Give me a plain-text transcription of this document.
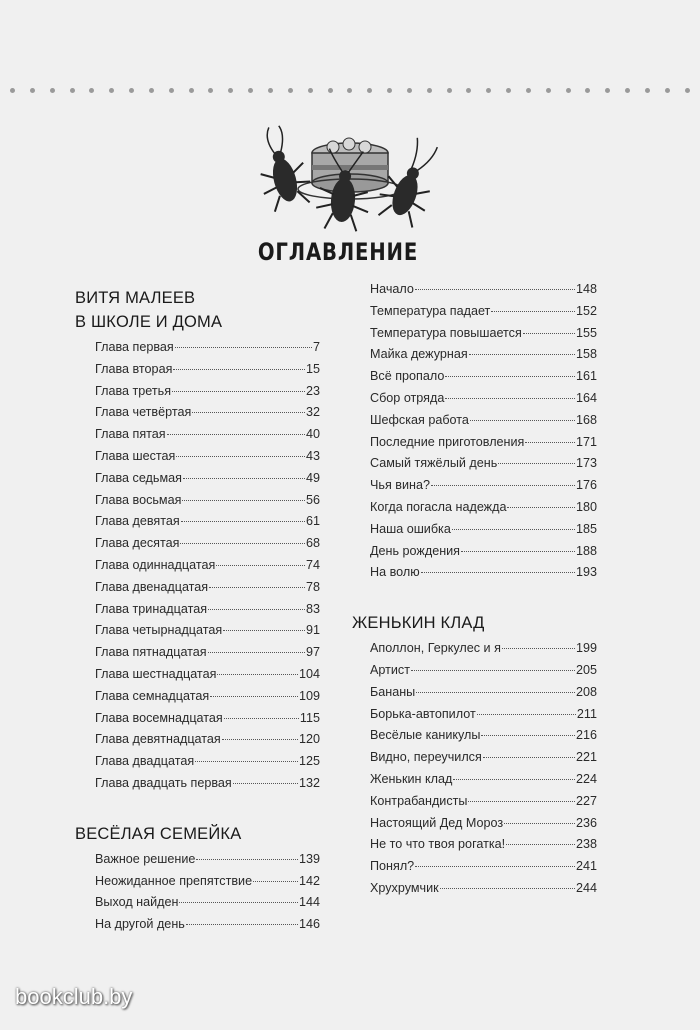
ОГЛАВЛЕНИЕ
ВИТЯ МАЛЕЕВ
В ШКОЛЕ И ДОМА
Глава первая	7
Глава вторая	15
Глава третья	23
Глава четвёртая	32
Глава пятая	40
Глава шестая	43
Глава седьмая	49
Глава восьмая	56
Глава девятая	61
Глава десятая	68
Глава одиннадцатая	74
Глава двенадцатая	78
Глава тринадцатая	83
Глава четырнадцатая	91
Глава пятнадцатая	97
Глава шестнадцатая	104
Глава семнадцатая	109
Глава восемнадцатая	115
Глава девятнадцатая	120
Глава двадцатая	125
Глава двадцать первая	132
ВЕСЁЛАЯ СЕМЕЙКА
Важное решение	139
Неожиданное препятствие	142
Выход найден	144
На другой день	146
Начало	148
Температура падает	152
Температура повышается	155
Майка дежурная	158
Всё пропало	161
Сбор отряда	164
Шефская работа	168
Последние приготовления	171
Самый тяжёлый день	173
Чья вина?	176
Когда погасла надежда	180
Наша ошибка	185
День рождения	188
На волю	193
ЖЕНЬКИН КЛАД
Аполлон, Геркулес и я	199
Артист	205
Бананы	208
Борька-автопилот	211
Весёлые каникулы	216
Видно, переучился	221
Женькин клад	224
Контрабандисты	227
Настоящий Дед Мороз	236
Не то что твоя рогатка!	238
Понял?	241
Хрухрумчик	244
bookclub.by
